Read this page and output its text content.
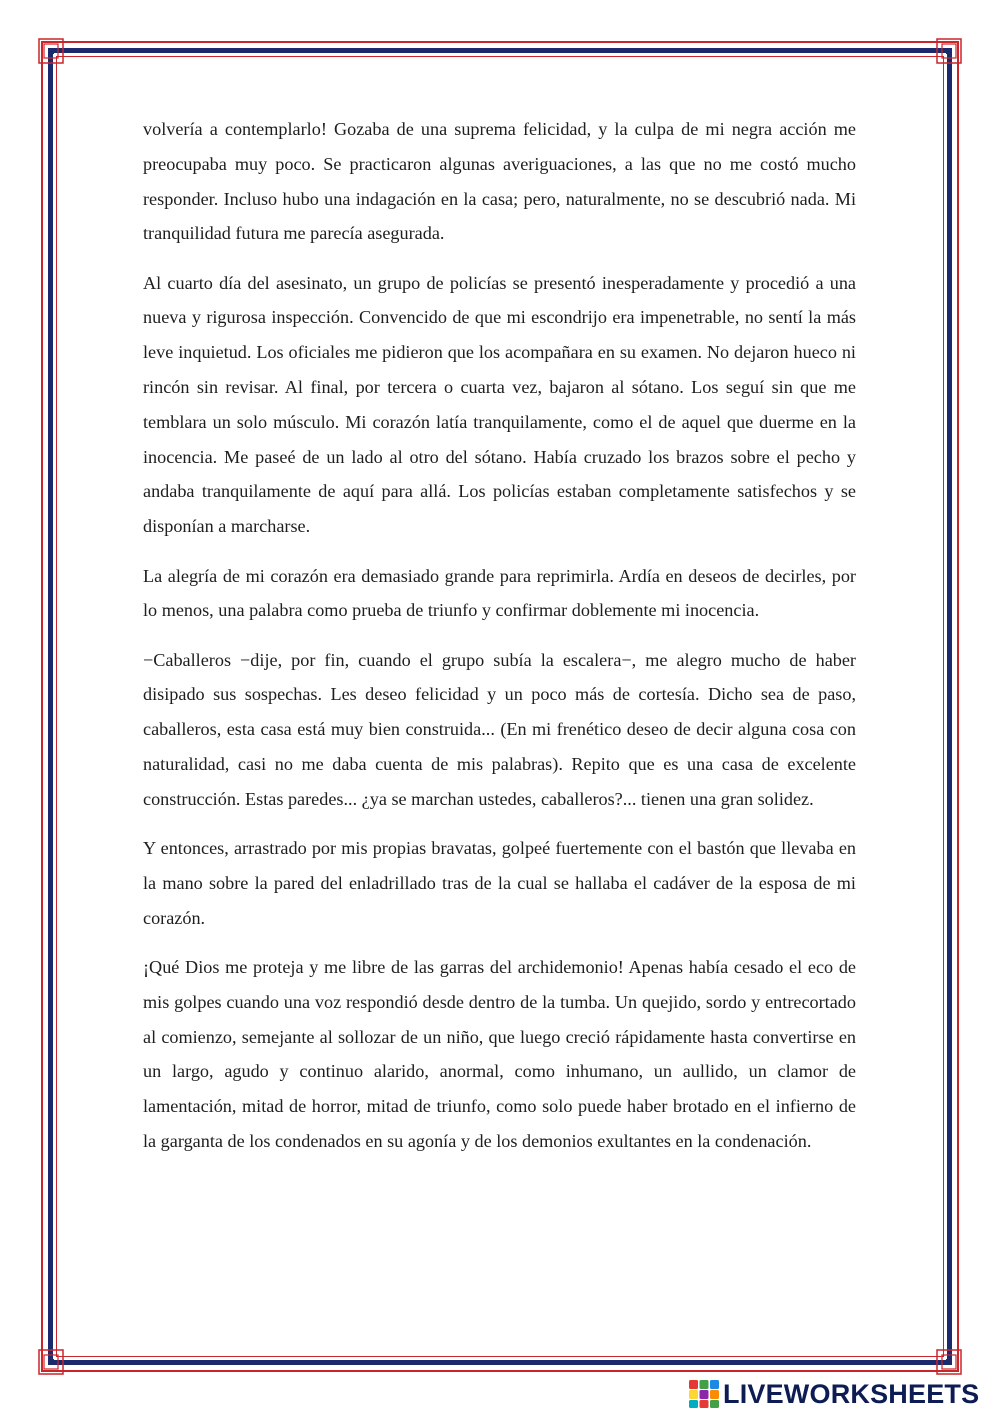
volvería a contemplarlo! Gozaba de una suprema felicidad, y la culpa de mi negra acción me preocupaba muy poco. Se practicaron algunas averiguaciones, a las que no me costó mucho responder. Incluso hubo una indagación en la casa; pero, naturalmente, no se descubrió nada. Mi tranquilidad futura me parecía asegurada.

Al cuarto día del asesinato, un grupo de policías se presentó inesperadamente y procedió a una nueva y rigurosa inspección. Convencido de que mi escondrijo era impenetrable, no sentí la más leve inquietud. Los oficiales me pidieron que los acompañara en su examen. No dejaron hueco ni rincón sin revisar. Al final, por tercera o cuarta vez, bajaron al sótano. Los seguí sin que me temblara un solo músculo. Mi corazón latía tranquilamente, como el de aquel que duerme en la inocencia. Me paseé de un lado al otro del sótano. Había cruzado los brazos sobre el pecho y andaba tranquilamente de aquí para allá. Los policías estaban completamente satisfechos y se disponían a marcharse.

La alegría de mi corazón era demasiado grande para reprimirla. Ardía en deseos de decirles, por lo menos, una palabra como prueba de triunfo y confirmar doblemente mi inocencia.

−Caballeros −dije, por fin, cuando el grupo subía la escalera−, me alegro mucho de haber disipado sus sospechas. Les deseo felicidad y un poco más de cortesía. Dicho sea de paso, caballeros, esta casa está muy bien construida... (En mi frenético deseo de decir alguna cosa con naturalidad, casi no me daba cuenta de mis palabras). Repito que es una casa de excelente construcción. Estas paredes... ¿ya se marchan ustedes, caballeros?... tienen una gran solidez.

Y entonces, arrastrado por mis propias bravatas, golpeé fuertemente con el bastón que llevaba en la mano sobre la pared del enladrillado tras de la cual se hallaba el cadáver de la esposa de mi corazón.

¡Qué Dios me proteja y me libre de las garras del archidemonio! Apenas había cesado el eco de mis golpes cuando una voz respondió desde dentro de la tumba. Un quejido, sordo y entrecortado al comienzo, semejante al sollozar de un niño, que luego creció rápidamente hasta convertirse en un largo, agudo y continuo alarido, anormal, como inhumano, un aullido, un clamor de lamentación, mitad de horror, mitad de triunfo, como solo puede haber brotado en el infierno de la garganta de los condenados en su agonía y de los demonios exultantes en la condenación.

LIVEWORKSHEETS
